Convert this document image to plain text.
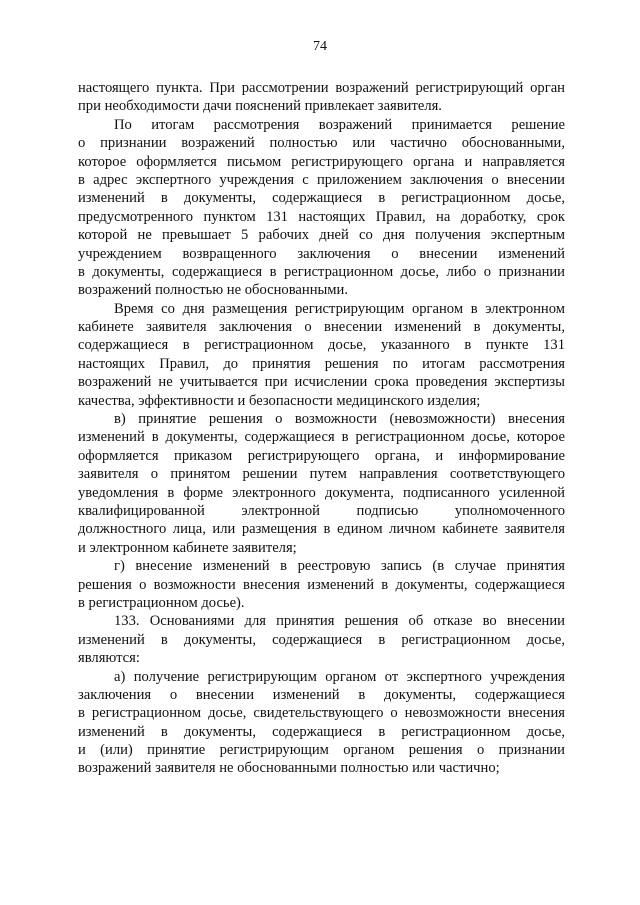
74
настоящего пункта. При рассмотрении возражений регистрирующий орган
при необходимости дачи пояснений привлекает заявителя.
По итогам рассмотрения возражений принимается решение
о признании возражений полностью или частично обоснованными,
которое оформляется письмом регистрирующего органа и направляется
в адрес экспертного учреждения с приложением заключения о внесении
изменений в документы, содержащиеся в регистрационном досье,
предусмотренного пунктом 131 настоящих Правил, на доработку, срок
которой не превышает 5 рабочих дней со дня получения экспертным
учреждением возвращенного заключения о внесении изменений
в документы, содержащиеся в регистрационном досье, либо о признании
возражений полностью не обоснованными.
Время со дня размещения регистрирующим органом в электронном
кабинете заявителя заключения о внесении изменений в документы,
содержащиеся в регистрационном досье, указанного в пункте 131
настоящих Правил, до принятия решения по итогам рассмотрения
возражений не учитывается при исчислении срока проведения экспертизы
качества, эффективности и безопасности медицинского изделия;
в) принятие решения о возможности (невозможности) внесения
изменений в документы, содержащиеся в регистрационном досье, которое
оформляется приказом регистрирующего органа, и информирование
заявителя о принятом решении путем направления соответствующего
уведомления в форме электронного документа, подписанного усиленной
квалифицированной электронной подписью уполномоченного
должностного лица, или размещения в едином личном кабинете заявителя
и электронном кабинете заявителя;
г) внесение изменений в реестровую запись (в случае принятия
решения о возможности внесения изменений в документы, содержащиеся
в регистрационном досье).
133. Основаниями для принятия решения об отказе во внесении
изменений в документы, содержащиеся в регистрационном досье,
являются:
а) получение регистрирующим органом от экспертного учреждения
заключения о внесении изменений в документы, содержащиеся
в регистрационном досье, свидетельствующего о невозможности внесения
изменений в документы, содержащиеся в регистрационном досье,
и (или) принятие регистрирующим органом решения о признании
возражений заявителя не обоснованными полностью или частично;
